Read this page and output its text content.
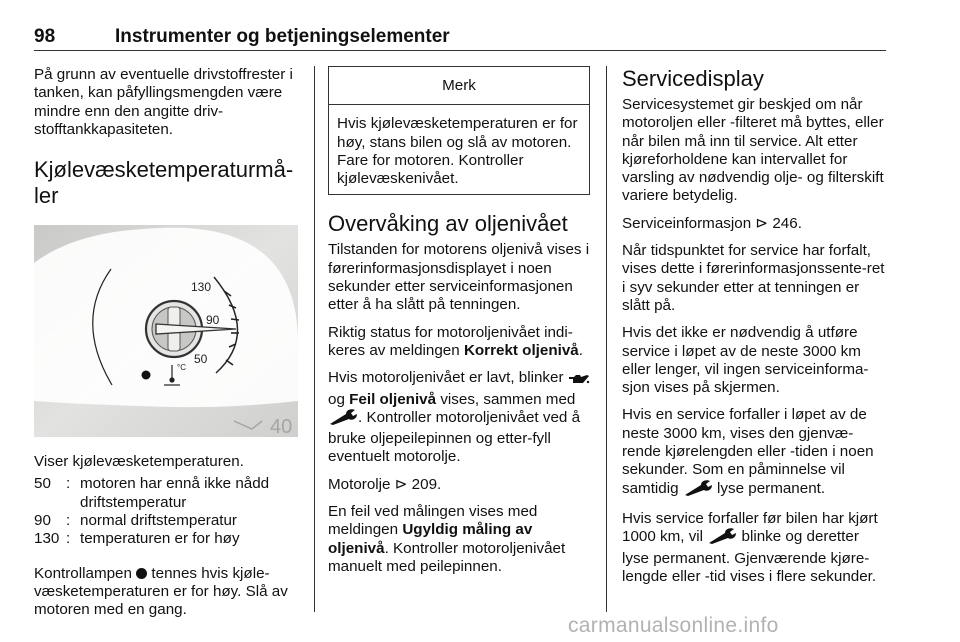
98	Instrumenter og betjeningselementer

På grunn av eventuelle drivstoffrester i tanken, kan påfyllingsmengden være mindre enn den angitte driv-stofftankkapasiteten.

Kjølevæsketemperaturmå-ler
130
90
50
°C
40

Viser kjølevæsketemperaturen.

50 : motoren har ennå ikke nådd driftstemperatur
90 : normal driftstemperatur
130 : temperaturen er for høy

Kontrollampen tennes hvis kjøle-væsketemperaturen er for høy. Slå av motoren med en gang.

Merk
Hvis kjølevæsketemperaturen er for høy, stans bilen og slå av motoren. Fare for motoren. Kontroller kjølevæskenivået.
Overvåking av oljenivået

Tilstanden for motorens oljenivå vises i førerinformasjonsdisplayet i noen sekunder etter serviceinformasjonen etter å ha slått på tenningen.

Riktig status for motoroljenivået indi-keres av meldingen Korrekt oljenivå.

Hvis motoroljenivået er lavt, blinker  og Feil oljenivå vises, sammen med . Kontroller motoroljenivået ved å bruke oljepeilepinnen og etter-fyll eventuelt motorolje.

Motorolje ⊳ 209.

En feil ved målingen vises med meldingen Ugyldig måling av oljenivå. Kontroller motoroljenivået manuelt med peilepinnen.

Servicedisplay

Servicesystemet gir beskjed om når motoroljen eller -filteret må byttes, eller når bilen må inn til service. Alt etter kjøreforholdene kan intervallet for varsling av nødvendig olje- og filterskift variere betydelig.

Serviceinformasjon ⊳ 246.

Når tidspunktet for service har forfalt, vises dette i førerinformasjonssente-ret i syv sekunder etter at tenningen er slått på.

Hvis det ikke er nødvendig å utføre service i løpet av de neste 3000 km eller lenger, vil ingen serviceinforma-sjon vises på skjermen.

Hvis en service forfaller i løpet av de neste 3000 km, vises den gjenvæ-rende kjørelengden eller -tiden i noen sekunder. Som en påminnelse vil samtidig	lyse permanent.

Hvis service forfaller før bilen har kjørt 1000 km, vil	blinke og deretter lyse permanent. Gjenværende kjøre-lengde eller -tid vises i flere sekunder.

carmanualsonline.info
